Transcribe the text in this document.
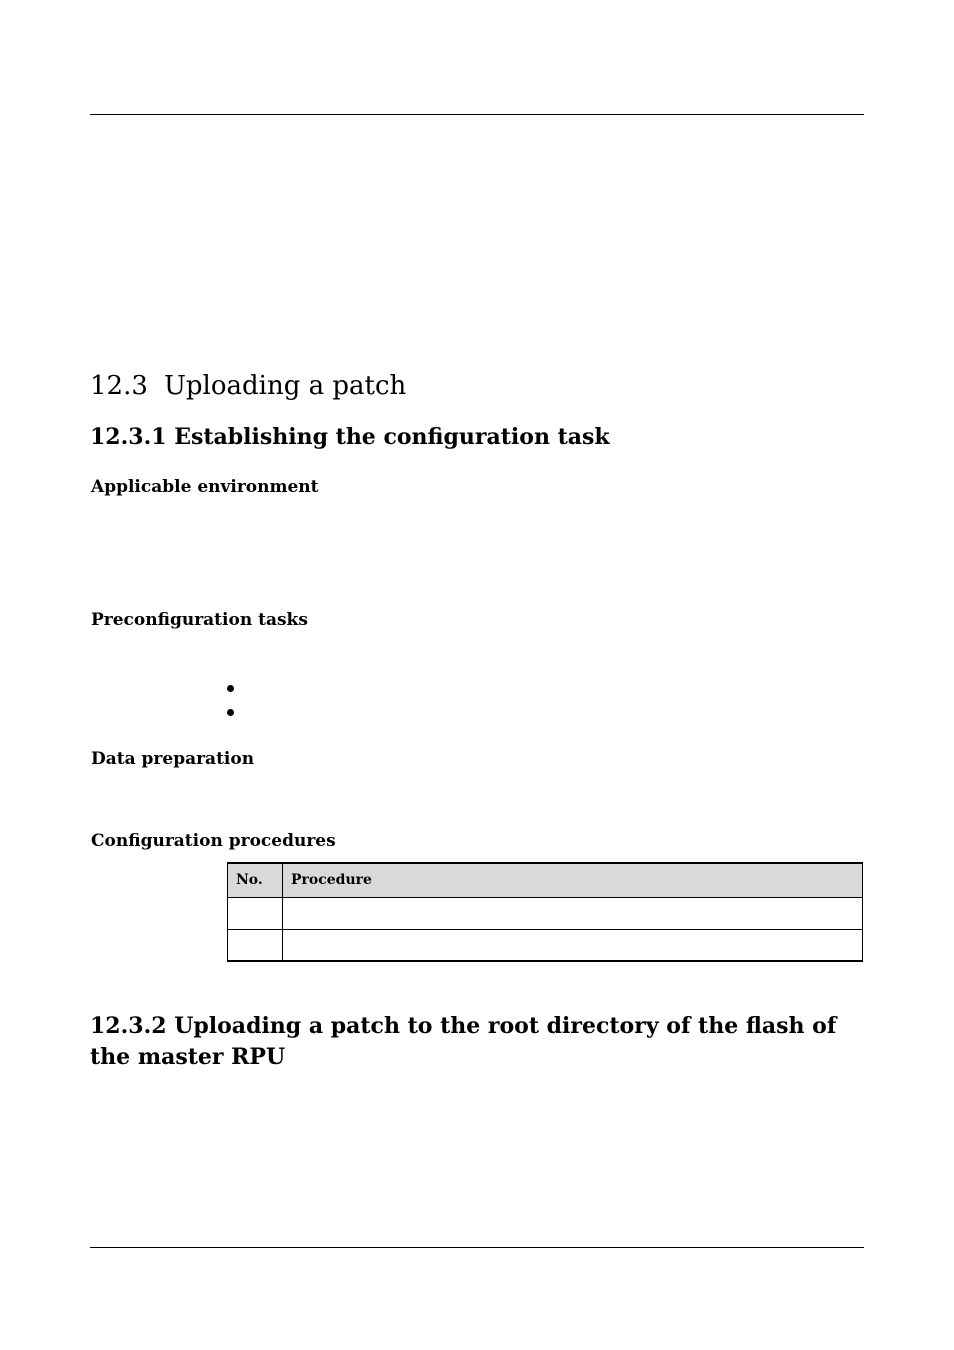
12.3 Uploading a patch
12.3.1 Establishing the configuration task
Applicable environment
Preconfiguration tasks
Data preparation
Configuration procedures
No.	Procedure

12.3.2 Uploading a patch to the root directory of the flash of the master RPU
